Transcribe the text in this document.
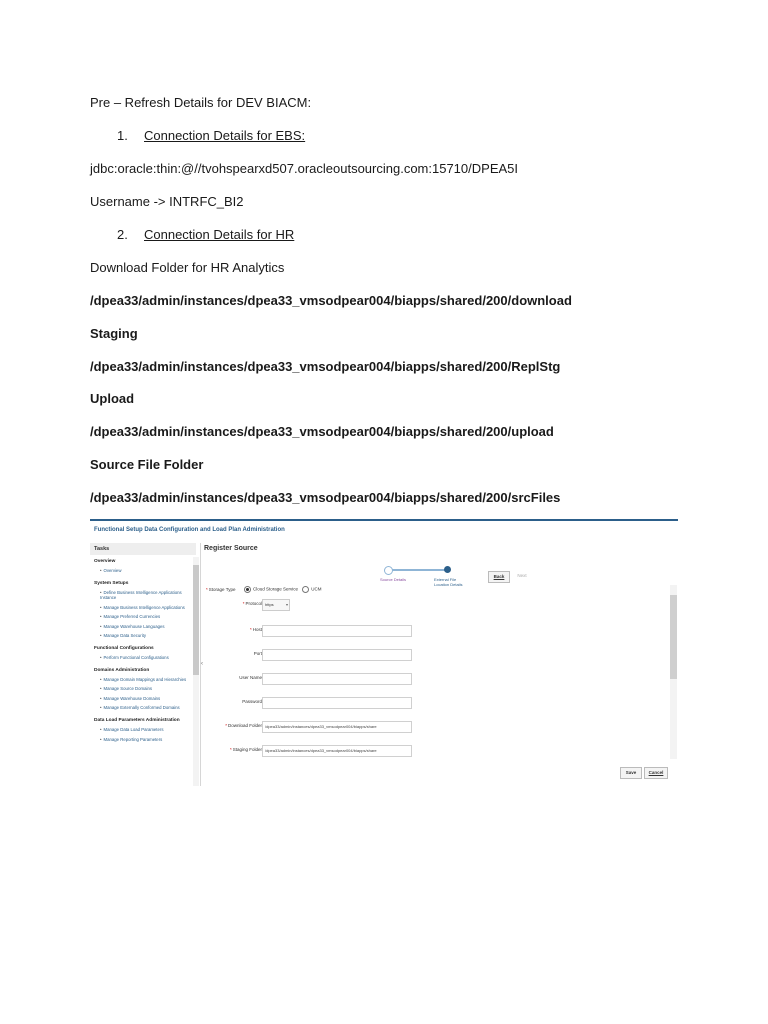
Pre – Refresh Details for DEV BIACM:
1. Connection Details for EBS:
jdbc:oracle:thin:@//tvohspearxd507.oracleoutsourcing.com:15710/DPEA5I
Username -> INTRFC_BI2
2. Connection Details for HR
Download Folder for HR Analytics
/dpea33/admin/instances/dpea33_vmsodpear004/biapps/shared/200/download
Staging
/dpea33/admin/instances/dpea33_vmsodpear004/biapps/shared/200/ReplStg
Upload
/dpea33/admin/instances/dpea33_vmsodpear004/biapps/shared/200/upload
Source File Folder
/dpea33/admin/instances/dpea33_vmsodpear004/biapps/shared/200/srcFiles
Functional Setup Data Configuration and Load Plan Administration
Tasks
Overview
• Overview
System Setups
• Define Business Intelligence Applications Instance
• Manage Business Intelligence Applications
• Manage Preferred Currencies
• Manage Warehouse Languages
• Manage Data Security
Functional Configurations
• Perform Functional Configurations
Domains Administration
• Manage Domain Mappings and Hierarchies
• Manage Source Domains
• Manage Warehouse Domains
• Manage Externally Conformed Domains
Data Load Parameters Administration
• Manage Data Load Parameters
• Manage Reporting Parameters
‹
Register Source
Source Details	External File Location Details
Back	Next
*Storage Type	Cloud Storage Service	UCM
*Protocol https	▾
*Host
Port
User Name
Password
*Download Folder /dpea33/admin/instances/dpea33_vmsodpear004/biapps/share
*Staging Folder /dpea33/admin/instances/dpea33_vmsodpear004/biapps/share
Save	Cancel
